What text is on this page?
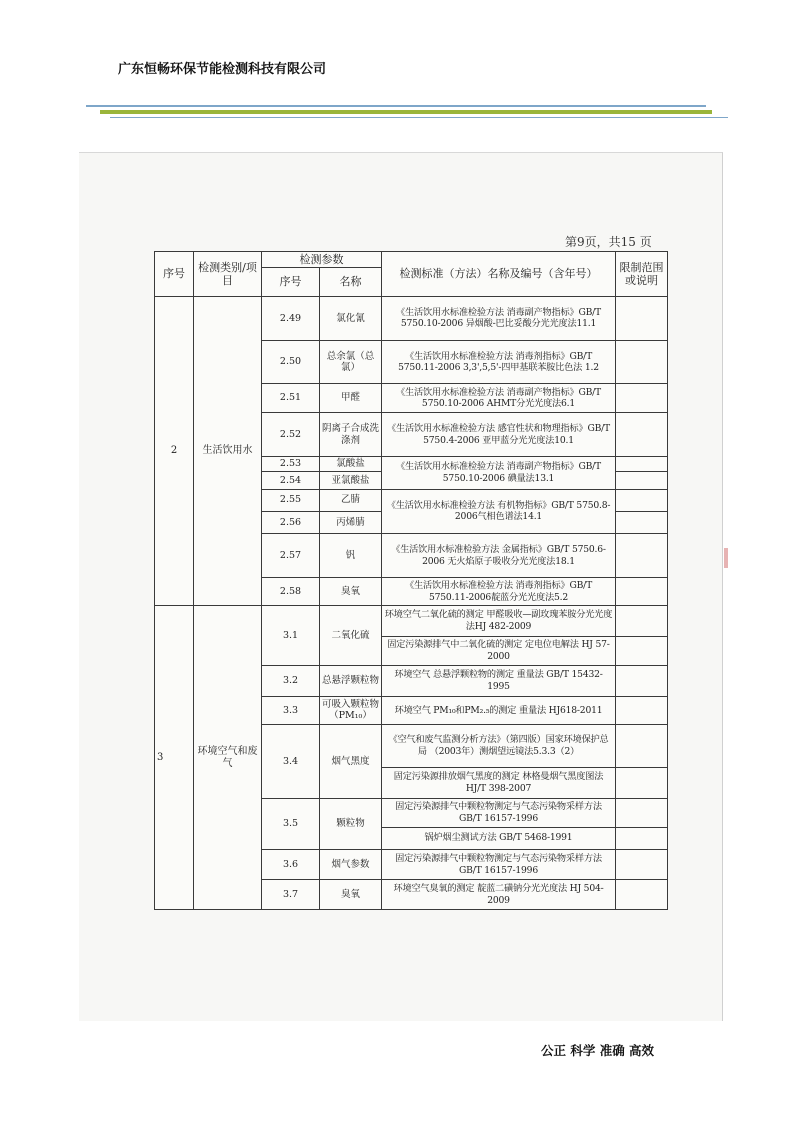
广东恒畅环保节能检测科技有限公司
第9页，共15 页
序号	检测类别/项目	检测参数		检测标准（方法）名称及编号（含年号）	限制范围或说明
		序号	名称		
2	生活饮用水	2.49	氯化氰	《生活饮用水标准检验方法 消毒副产物指标》GB/T 5750.10-2006 异烟酸-巴比妥酸分光光度法11.1	
		2.50	总余氯（总氯）	《生活饮用水标准检验方法 消毒剂指标》GB/T 5750.11-2006 3,3',5,5'-四甲基联苯胺比色法 1.2	
		2.51	甲醛	《生活饮用水标准检验方法 消毒副产物指标》GB/T 5750.10-2006 AHMT分光光度法6.1	
		2.52	阴离子合成洗涤剂	《生活饮用水标准检验方法 感官性状和物理指标》GB/T 5750.4-2006 亚甲蓝分光光度法10.1	
		2.53	氯酸盐	《生活饮用水标准检验方法 消毒副产物指标》GB/T 5750.10-2006 碘量法13.1	
		2.54	亚氯酸盐		
		2.55	乙腈	《生活饮用水标准检验方法 有机物指标》GB/T 5750.8-2006气相色谱法14.1	
		2.56	丙烯腈		
		2.57	钒	《生活饮用水标准检验方法 金属指标》GB/T 5750.6-2006 无火焰原子吸收分光光度法18.1	
		2.58	臭氧	《生活饮用水标准检验方法 消毒剂指标》GB/T 5750.11-2006靛蓝分光光度法5.2	
3	环境空气和废气	3.1	二氧化硫	环境空气二氧化硫的测定 甲醛吸收—副玫瑰苯胺分光光度法HJ 482-2009	
				固定污染源排气中二氧化硫的测定 定电位电解法 HJ 57-2000	
		3.2	总悬浮颗粒物	环境空气 总悬浮颗粒物的测定 重量法 GB/T 15432-1995	
		3.3	可吸入颗粒物（PM₁₀）	环境空气 PM₁₀和PM₂.₅的测定 重量法 HJ618-2011	
		3.4	烟气黑度	《空气和废气监测分析方法》（第四版）国家环境保护总局 （2003年）测烟望远镜法5.3.3（2）	
				固定污染源排放烟气黑度的测定 林格曼烟气黑度图法 HJ/T 398-2007	
		3.5	颗粒物	固定污染源排气中颗粒物测定与气态污染物采样方法 GB/T 16157-1996	
				锅炉烟尘测试方法 GB/T 5468-1991	
		3.6	烟气参数	固定污染源排气中颗粒物测定与气态污染物采样方法 GB/T 16157-1996	
		3.7	臭氧	环境空气臭氧的测定 靛蓝二磺钠分光光度法 HJ 504-2009	
公正 科学 准确 高效
